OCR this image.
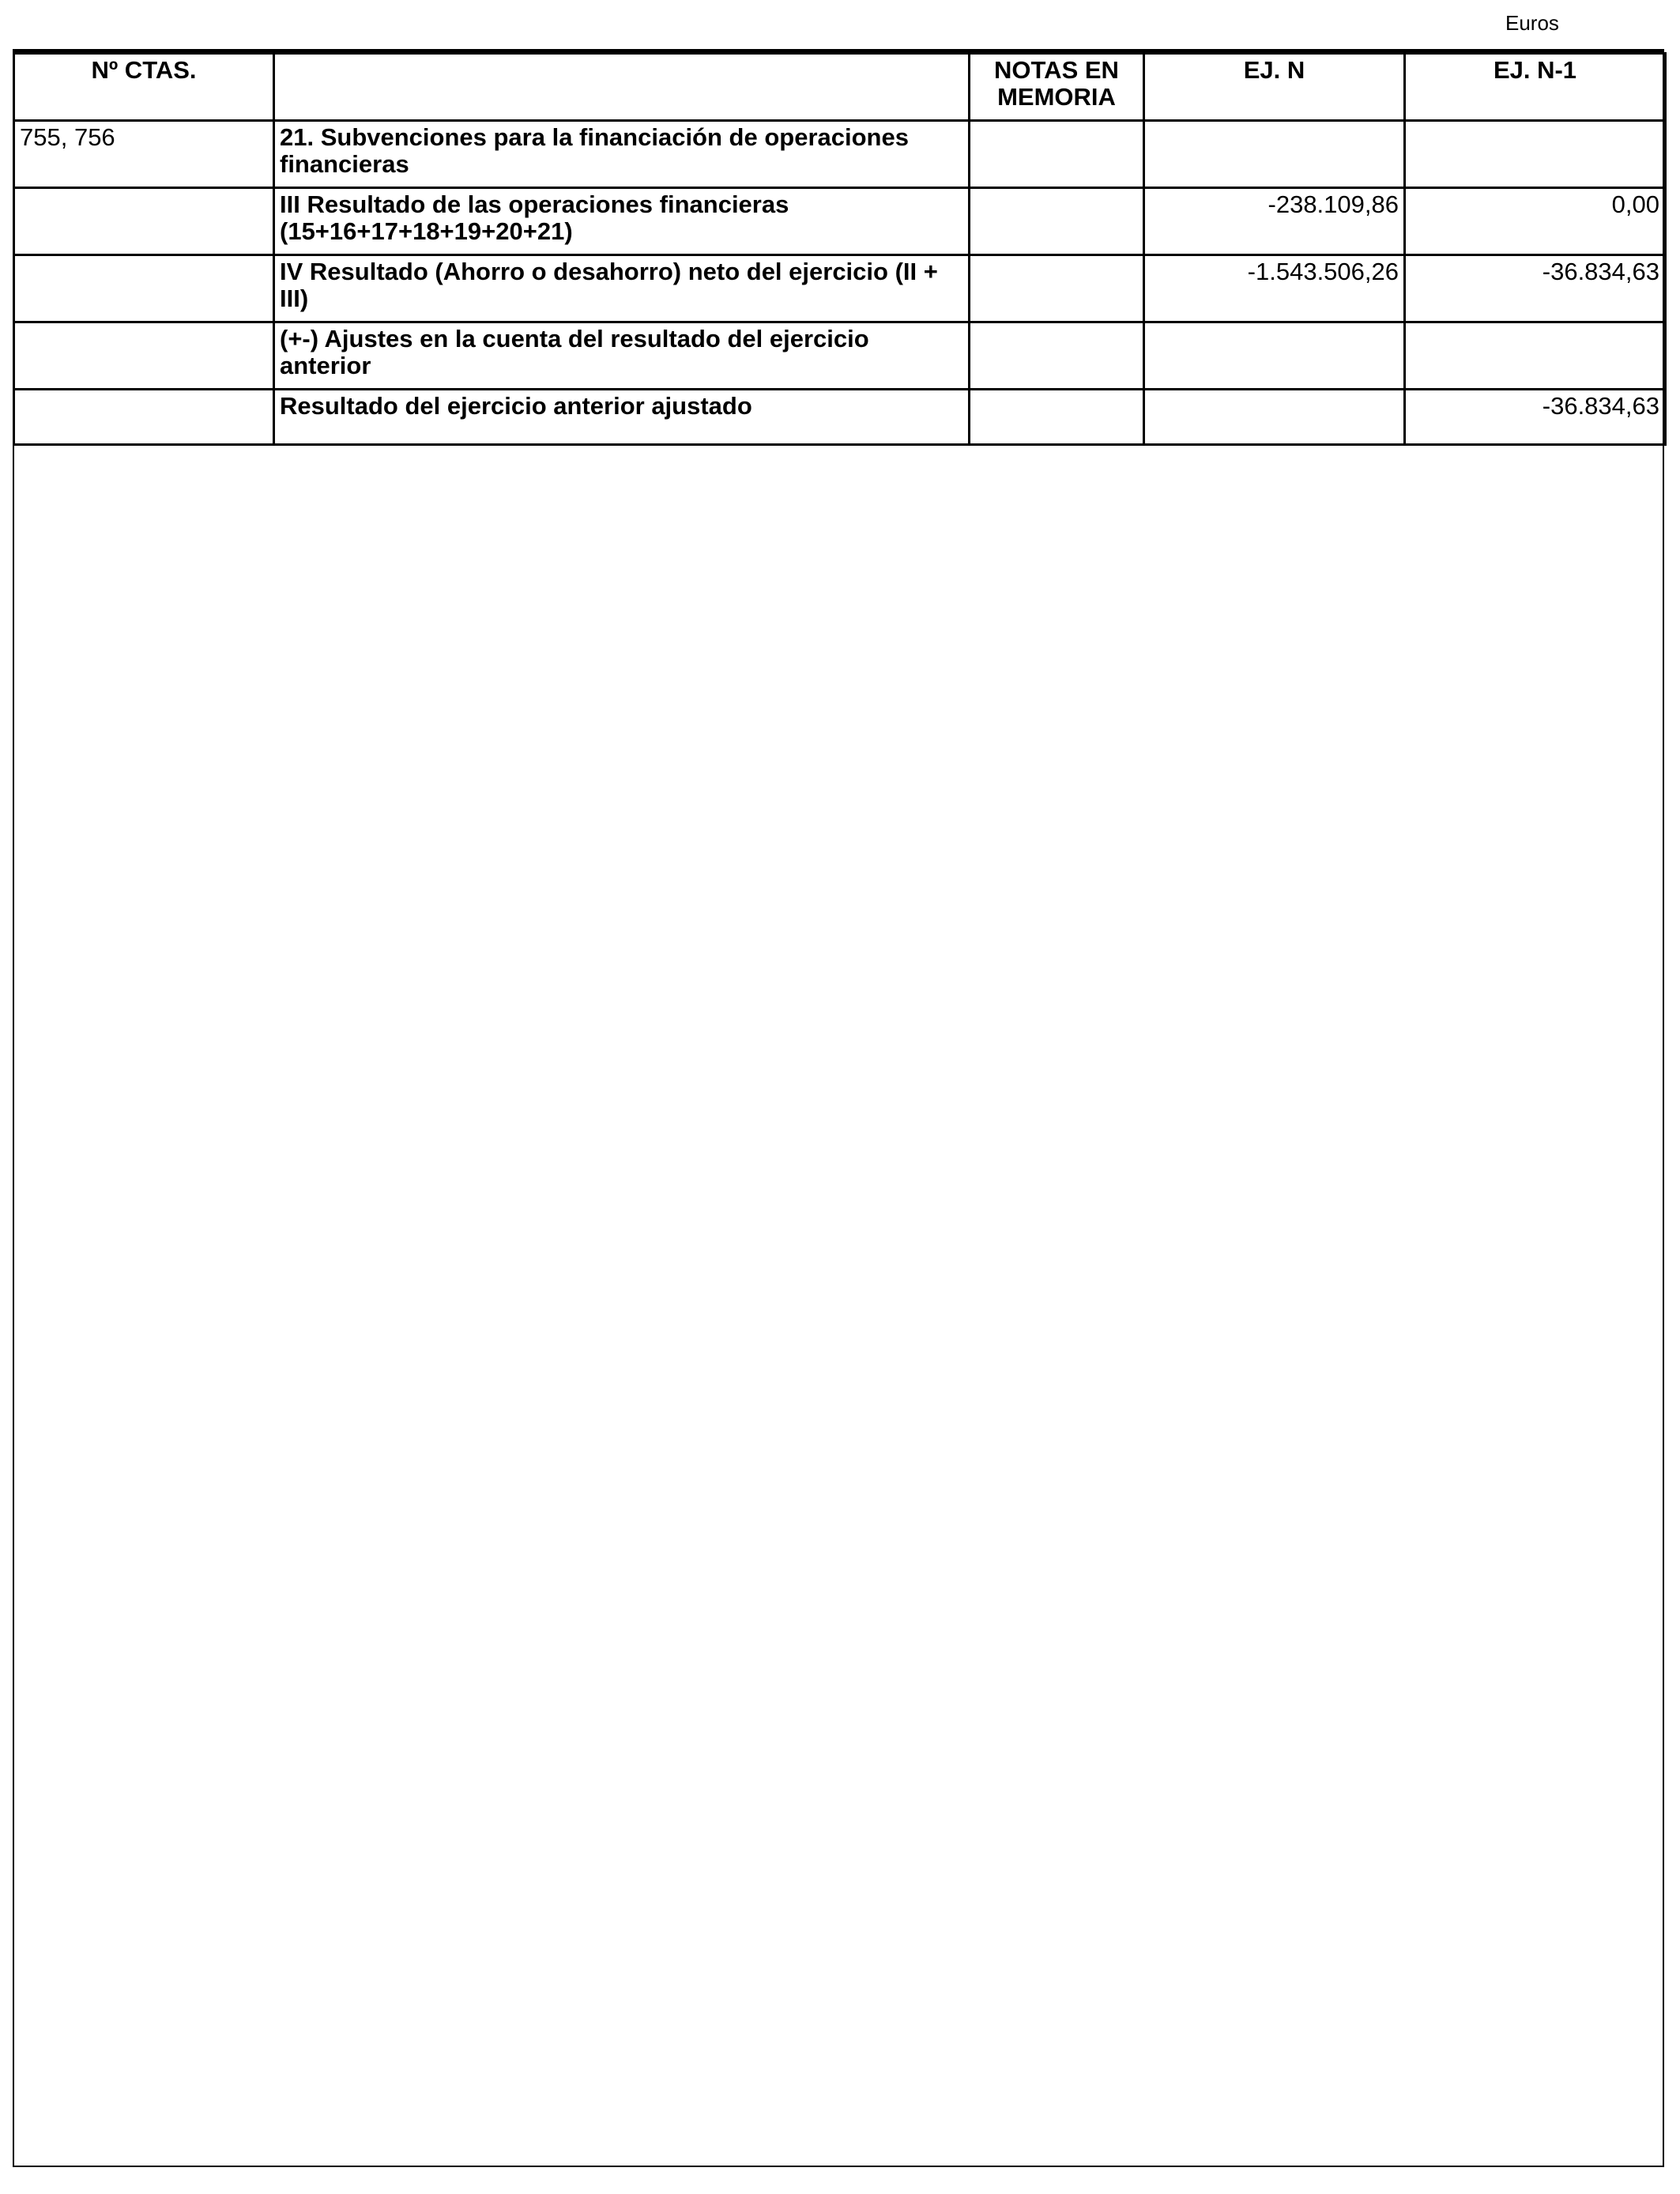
Euros
Nº CTAS.		NOTAS EN MEMORIA	EJ. N	EJ. N-1
755, 756	21. Subvenciones para la financiación de operaciones financieras			
	III Resultado de las operaciones financieras (15+16+17+18+19+20+21)		-238.109,86	0,00
	IV Resultado (Ahorro o desahorro) neto del ejercicio (II + III)		-1.543.506,26	-36.834,63
	(+-) Ajustes en la cuenta del resultado del ejercicio anterior			
	Resultado del ejercicio anterior ajustado			-36.834,63
